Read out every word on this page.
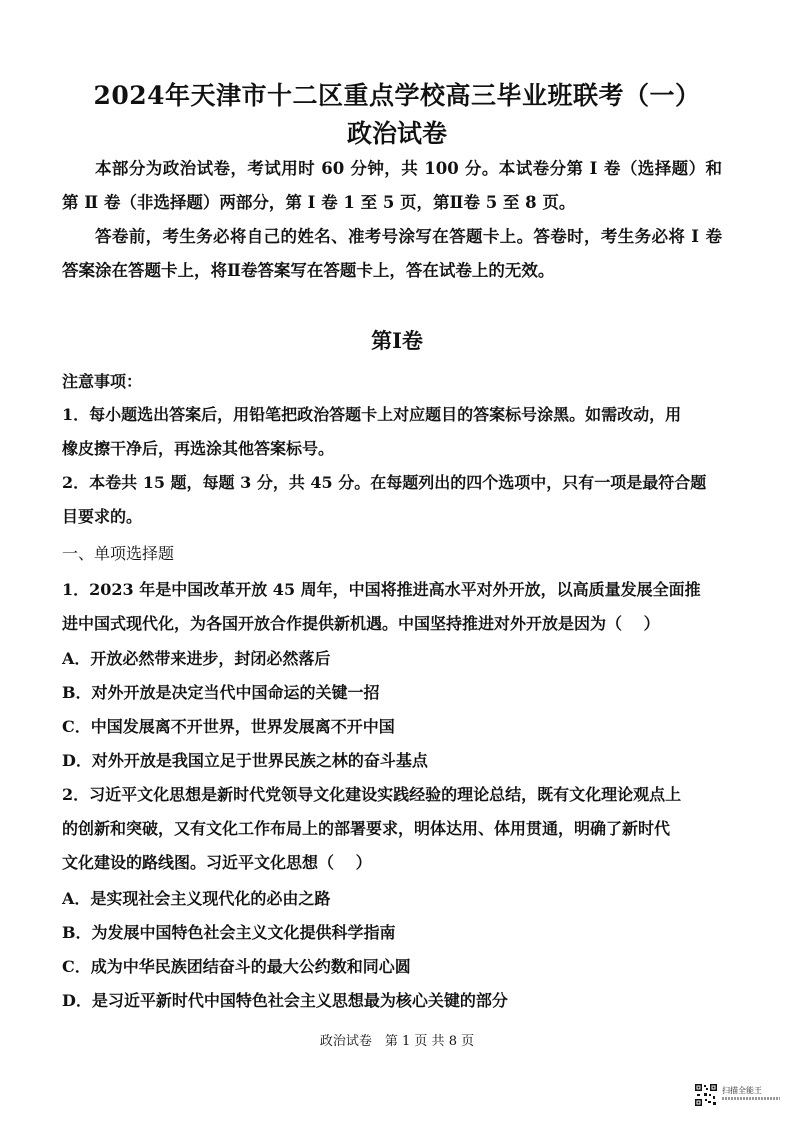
2024年天津市十二区重点学校高三毕业班联考（一）
政治试卷
本部分为政治试卷，考试用时 60 分钟，共 100 分。本试卷分第 Ⅰ 卷（选择题）和第 Ⅱ 卷（非选择题）两部分，第 Ⅰ 卷 1 至 5 页，第Ⅱ卷 5 至 8 页。
答卷前，考生务必将自己的姓名、准考号涂写在答题卡上。答卷时，考生务必将 Ⅰ 卷答案涂在答题卡上，将Ⅱ卷答案写在答题卡上，答在试卷上的无效。
第Ⅰ卷
注意事项：
1．每小题选出答案后，用铅笔把政治答题卡上对应题目的答案标号涂黑。如需改动，用
橡皮擦干净后，再选涂其他答案标号。
2．本卷共 15 题，每题 3 分，共 45 分。在每题列出的四个选项中，只有一项是最符合题
目要求的。
一、单项选择题
1．2023 年是中国改革开放 45 周年，中国将推进高水平对外开放，以高质量发展全面推
进中国式现代化，为各国开放合作提供新机遇。中国坚持推进对外开放是因为（　 ）
A．开放必然带来进步，封闭必然落后
B．对外开放是决定当代中国命运的关键一招
C．中国发展离不开世界，世界发展离不开中国
D．对外开放是我国立足于世界民族之林的奋斗基点
2．习近平文化思想是新时代党领导文化建设实践经验的理论总结，既有文化理论观点上
的创新和突破，又有文化工作布局上的部署要求，明体达用、体用贯通，明确了新时代
文化建设的路线图。习近平文化思想（　 ）
A．是实现社会主义现代化的必由之路
B．为发展中国特色社会主义文化提供科学指南
C．成为中华民族团结奋斗的最大公约数和同心圆
D．是习近平新时代中国特色社会主义思想最为核心关键的部分
政治试卷　第 1 页 共 8 页
扫描全能王
